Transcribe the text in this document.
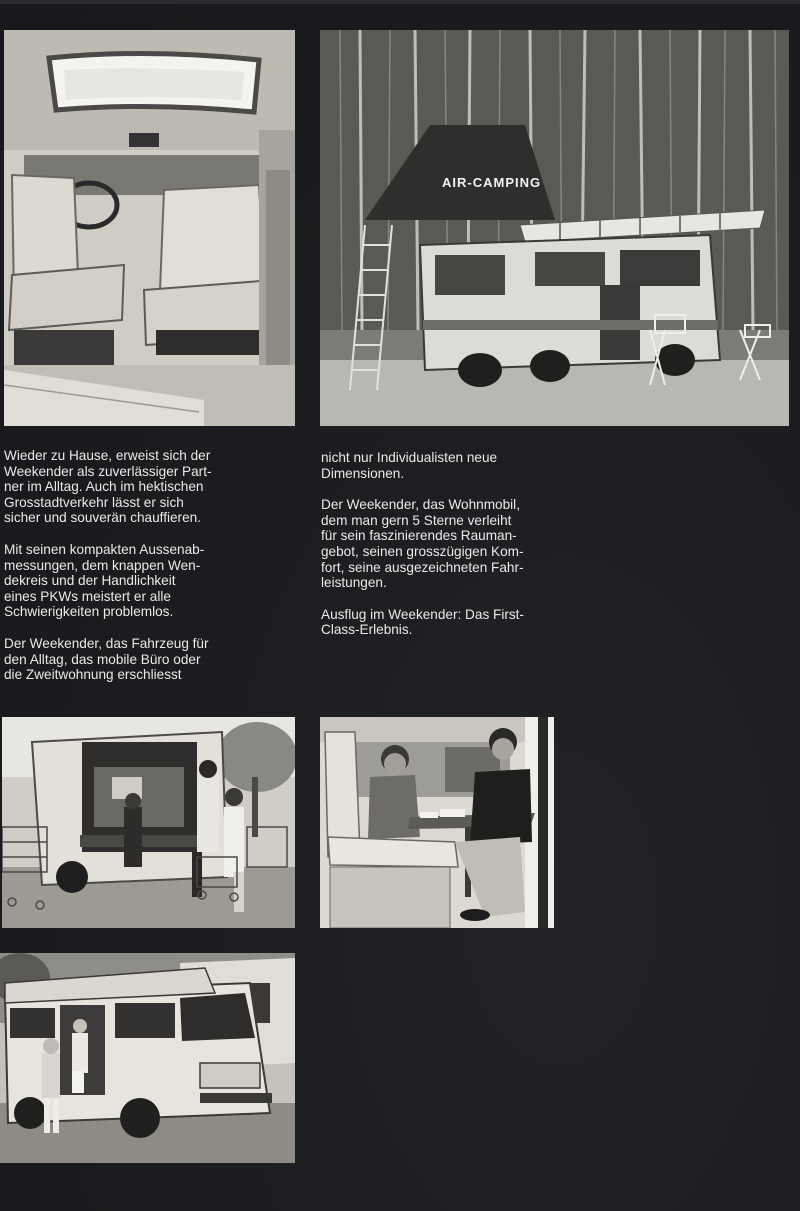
AIR-CAMPING

Wieder zu Hause, erweist sich der
Weekender als zuverlässiger Part-
ner im Alltag. Auch im hektischen
Grosstadtverkehr lässt er sich
sicher und souverän chauffieren.

Mit seinen kompakten Aussenab-
messungen, dem knappen Wen-
dekreis und der Handlichkeit
eines PKWs meistert er alle
Schwierigkeiten problemlos.

Der Weekender, das Fahrzeug für
den Alltag, das mobile Büro oder
die Zweitwohnung erschliesst

nicht nur Individualisten neue
Dimensionen.

Der Weekender, das Wohnmobil,
dem man gern 5 Sterne verleiht
für sein faszinierendes Rauman-
gebot, seinen grosszügigen Kom-
fort, seine ausgezeichneten Fahr-
leistungen.

Ausflug im Weekender: Das First-
Class-Erlebnis.
